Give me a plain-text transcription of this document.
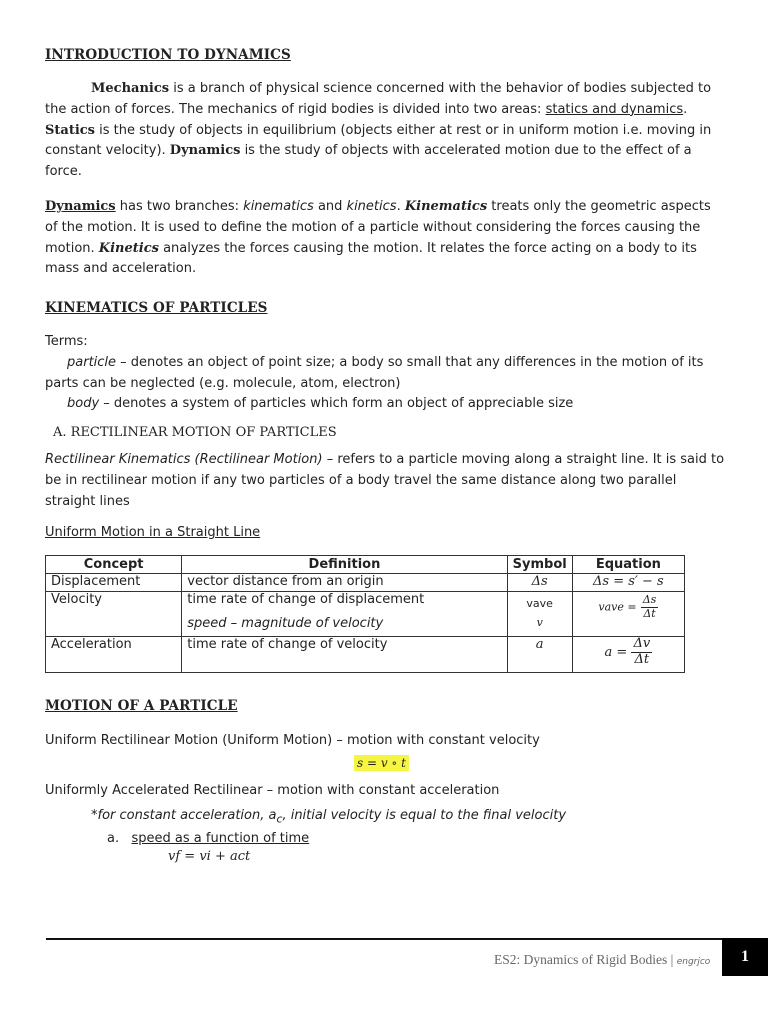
INTRODUCTION TO DYNAMICS
Mechanics is a branch of physical science concerned with the behavior of bodies subjected to the action of forces. The mechanics of rigid bodies is divided into two areas: statics and dynamics. Statics is the study of objects in equilibrium (objects either at rest or in uniform motion i.e. moving in constant velocity). Dynamics is the study of objects with accelerated motion due to the effect of a force.
Dynamics has two branches: kinematics and kinetics. Kinematics treats only the geometric aspects of the motion. It is used to define the motion of a particle without considering the forces causing the motion. Kinetics analyzes the forces causing the motion. It relates the force acting on a body to its mass and acceleration.
KINEMATICS OF PARTICLES
Terms:
particle – denotes an object of point size; a body so small that any differences in the motion of its parts can be neglected (e.g. molecule, atom, electron)
body – denotes a system of particles which form an object of appreciable size
A. RECTILINEAR MOTION OF PARTICLES
Rectilinear Kinematics (Rectilinear Motion) – refers to a particle moving along a straight line. It is said to be in rectilinear motion if any two particles of a body travel the same distance along two parallel straight lines
Uniform Motion in a Straight Line
Concept	Definition	Symbol	Equation
Displacement	vector distance from an origin	Δs	Δs = s′ − s
Velocity	time rate of change of displacement	vave	vave = $\frac{\Delta s}{\Delta t}$

	speed – magnitude of velocity	v	
Acceleration	time rate of change of velocity	a	$a = \frac{\Delta v}{\Delta t}$
MOTION OF A PARTICLE
Uniform Rectilinear Motion (Uniform Motion) – motion with constant velocity
s = v ∘ t
Uniformly Accelerated Rectilinear – motion with constant acceleration
*for constant acceleration, $a_c$, initial velocity is equal to the final velocity
a. speed as a function of time
vf = vi + act
ES2: Dynamics of Rigid Bodies | engrjco	1
